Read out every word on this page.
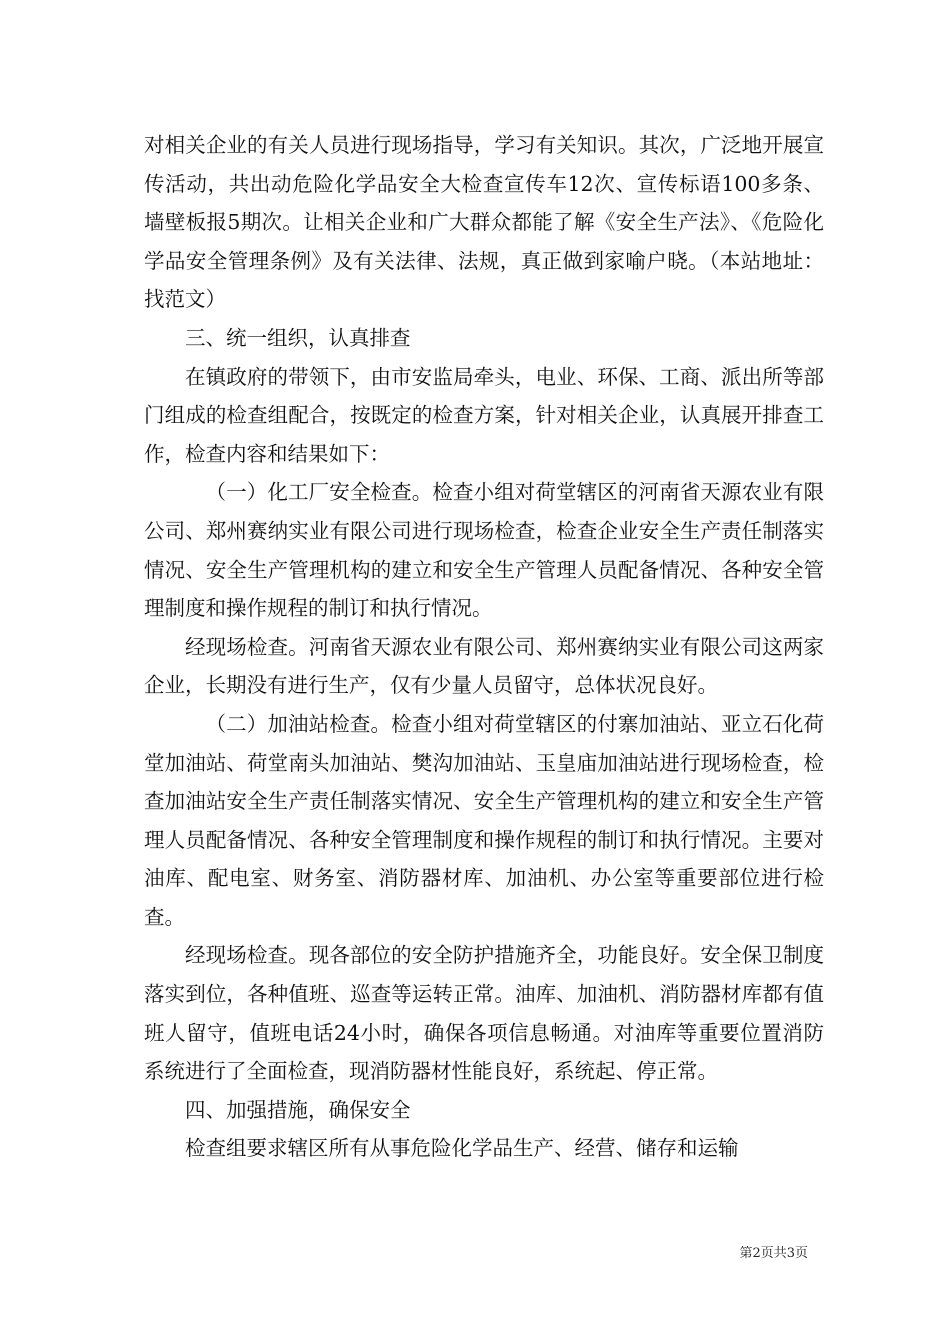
对相关企业的有关人员进行现场指导，学习有关知识。其次，广泛地开展宣传活动，共出动危险化学品安全大检查宣传车12次、宣传标语100多条、墙壁板报5期次。让相关企业和广大群众都能了解《安全生产法》、《危险化学品安全管理条例》及有关法律、法规，真正做到家喻户晓。（本站地址：找范文）

三、统一组织，认真排查

在镇政府的带领下，由市安监局牵头，电业、环保、工商、派出所等部门组成的检查组配合，按既定的检查方案，针对相关企业，认真展开排查工作，检查内容和结果如下：

（一）化工厂安全检查。检查小组对荷堂辖区的河南省天源农业有限公司、郑州赛纳实业有限公司进行现场检查，检查企业安全生产责任制落实情况、安全生产管理机构的建立和安全生产管理人员配备情况、各种安全管理制度和操作规程的制订和执行情况。

经现场检查。河南省天源农业有限公司、郑州赛纳实业有限公司这两家企业，长期没有进行生产，仅有少量人员留守，总体状况良好。

（二）加油站检查。检查小组对荷堂辖区的付寨加油站、亚立石化荷堂加油站、荷堂南头加油站、樊沟加油站、玉皇庙加油站进行现场检查，检查加油站安全生产责任制落实情况、安全生产管理机构的建立和安全生产管理人员配备情况、各种安全管理制度和操作规程的制订和执行情况。主要对油库、配电室、财务室、消防器材库、加油机、办公室等重要部位进行检查。

经现场检查。现各部位的安全防护措施齐全，功能良好。安全保卫制度落实到位，各种值班、巡查等运转正常。油库、加油机、消防器材库都有值班人留守，值班电话24小时，确保各项信息畅通。对油库等重要位置消防系统进行了全面检查，现消防器材性能良好，系统起、停正常。

四、加强措施，确保安全

检查组要求辖区所有从事危险化学品生产、经营、储存和运输

第2页共3页
